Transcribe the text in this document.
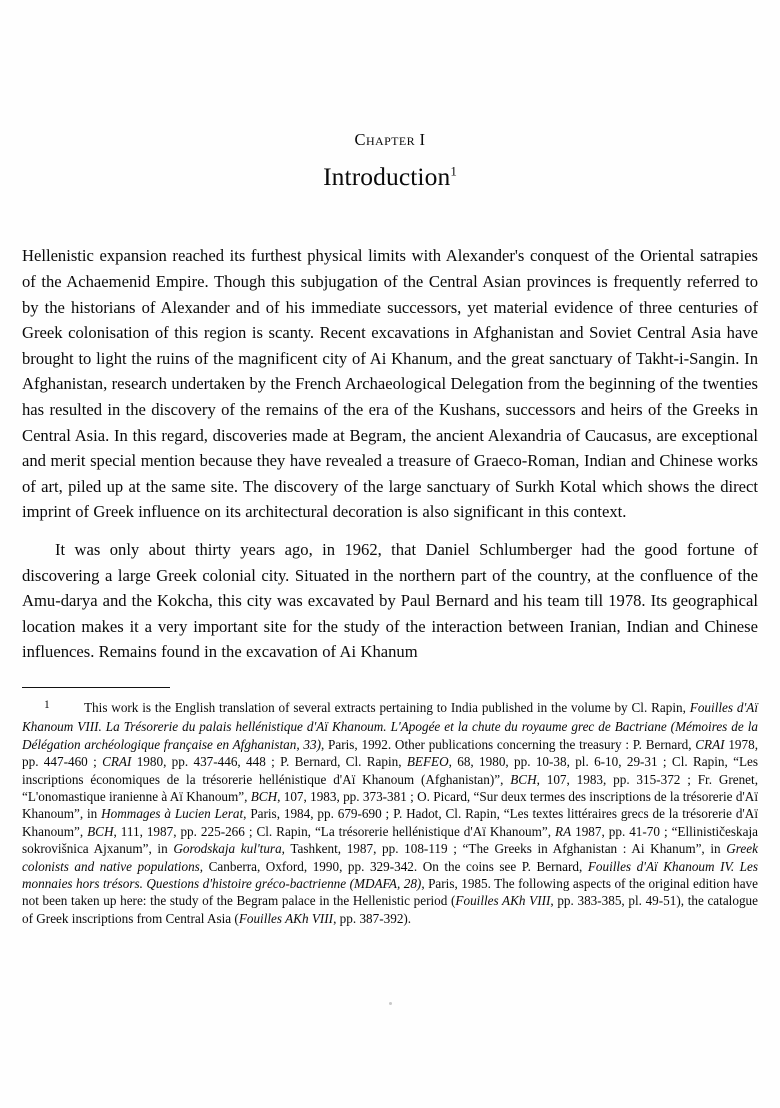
Chapter I
Introduction$^1$

Hellenistic expansion reached its furthest physical limits with Alexander's conquest of the Oriental satrapies of the Achaemenid Empire. Though this subjugation of the Central Asian provinces is frequently referred to by the historians of Alexander and of his immediate successors, yet material evidence of three centuries of Greek colonisation of this region is scanty. Recent excavations in Afghanistan and Soviet Central Asia have brought to light the ruins of the magnificent city of Ai Khanum, and the great sanctuary of Takht-i-Sangin. In Afghanistan, research undertaken by the French Archaeological Delegation from the beginning of the twenties has resulted in the discovery of the remains of the era of the Kushans, successors and heirs of the Greeks in Central Asia. In this regard, discoveries made at Begram, the ancient Alexandria of Caucasus, are exceptional and merit special mention because they have revealed a treasure of Graeco-Roman, Indian and Chinese works of art, piled up at the same site. The discovery of the large sanctuary of Surkh Kotal which shows the direct imprint of Greek influence on its architectural decoration is also significant in this context.

It was only about thirty years ago, in 1962, that Daniel Schlumberger had the good fortune of discovering a large Greek colonial city. Situated in the northern part of the country, at the confluence of the Amu-darya and the Kokcha, this city was excavated by Paul Bernard and his team till 1978. Its geographical location makes it a very important site for the study of the interaction between Iranian, Indian and Chinese influences. Remains found in the excavation of Ai Khanum

1	This work is the English translation of several extracts pertaining to India published in the volume by Cl. Rapin, Fouilles d'Aï Khanoum VIII. La Trésorerie du palais hellénistique d'Aï Khanoum. L'Apogée et la chute du royaume grec de Bactriane (Mémoires de la Délégation archéologique française en Afghanistan, 33), Paris, 1992. Other publications concerning the treasury : P. Bernard, CRAI 1978, pp. 447-460 ; CRAI 1980, pp. 437-446, 448 ; P. Bernard, Cl. Rapin, BEFEO, 68, 1980, pp. 10-38, pl. 6-10, 29-31 ; Cl. Rapin, “Les inscriptions économiques de la trésorerie hellénistique d'Aï Khanoum (Afghanistan)”, BCH, 107, 1983, pp. 315-372 ; Fr. Grenet, “L'onomastique iranienne à Aï Khanoum”, BCH, 107, 1983, pp. 373-381 ; O. Picard, “Sur deux termes des inscriptions de la trésorerie d'Aï Khanoum”, in Hommages à Lucien Lerat, Paris, 1984, pp. 679-690 ; P. Hadot, Cl. Rapin, “Les textes littéraires grecs de la trésorerie d'Aï Khanoum”, BCH, 111, 1987, pp. 225-266 ; Cl. Rapin, “La trésorerie hellénistique d'Aï Khanoum”, RA 1987, pp. 41-70 ; “Ellinističeskaja sokrovišnica Ajxanum”, in Gorodskaja kul'tura, Tashkent, 1987, pp. 108-119 ; “The Greeks in Afghanistan : Ai Khanum”, in Greek colonists and native populations, Canberra, Oxford, 1990, pp. 329-342. On the coins see P. Bernard, Fouilles d'Aï Khanoum IV. Les monnaies hors trésors. Questions d'histoire gréco-bactrienne (MDAFA, 28), Paris, 1985. The following aspects of the original edition have not been taken up here: the study of the Begram palace in the Hellenistic period (Fouilles AKh VIII, pp. 383-385, pl. 49-51), the catalogue of Greek inscriptions from Central Asia (Fouilles AKh VIII, pp. 387-392).
